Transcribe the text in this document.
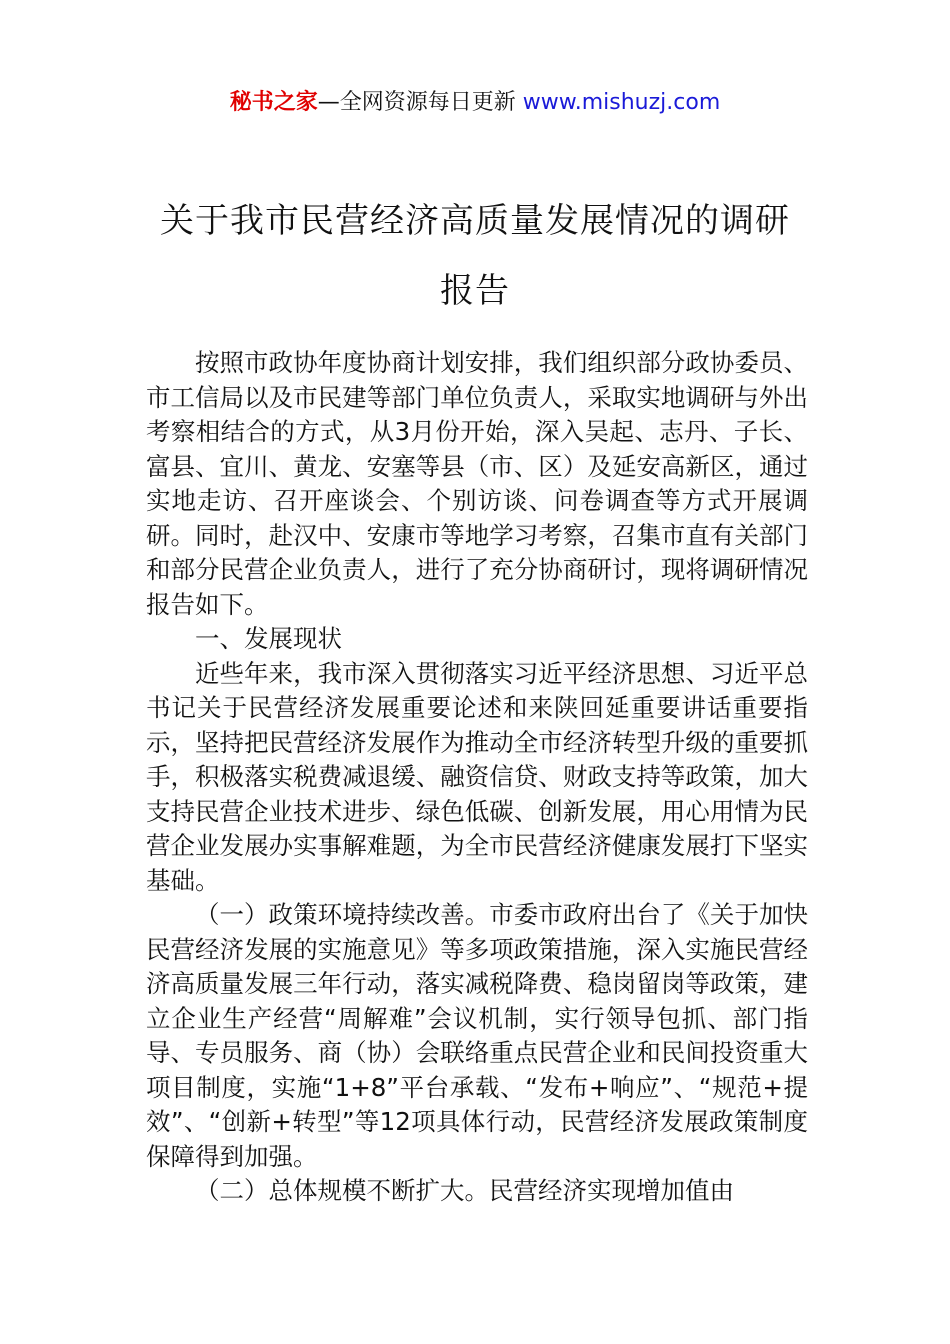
秘书之家—全网资源每日更新 www.mishuzj.com
关于我市民营经济高质量发展情况的调研
报告

按照市政协年度协商计划安排，我们组织部分政协委员、市工信局以及市民建等部门单位负责人，采取实地调研与外出考察相结合的方式，从3月份开始，深入吴起、志丹、子长、富县、宜川、黄龙、安塞等县（市、区）及延安高新区，通过实地走访、召开座谈会、个别访谈、问卷调查等方式开展调研。同时，赴汉中、安康市等地学习考察，召集市直有关部门和部分民营企业负责人，进行了充分协商研讨，现将调研情况报告如下。

一、发展现状

近些年来，我市深入贯彻落实习近平经济思想、习近平总书记关于民营经济发展重要论述和来陕回延重要讲话重要指示，坚持把民营经济发展作为推动全市经济转型升级的重要抓手，积极落实税费减退缓、融资信贷、财政支持等政策，加大支持民营企业技术进步、绿色低碳、创新发展，用心用情为民营企业发展办实事解难题，为全市民营经济健康发展打下坚实基础。

（一）政策环境持续改善。市委市政府出台了《关于加快民营经济发展的实施意见》等多项政策措施，深入实施民营经济高质量发展三年行动，落实减税降费、稳岗留岗等政策，建立企业生产经营“周解难”会议机制，实行领导包抓、部门指导、专员服务、商（协）会联络重点民营企业和民间投资重大项目制度，实施“1+8”平台承载、“发布+响应”、“规范+提效”、“创新+转型”等12项具体行动，民营经济发展政策制度保障得到加强。

（二）总体规模不断扩大。民营经济实现增加值由
